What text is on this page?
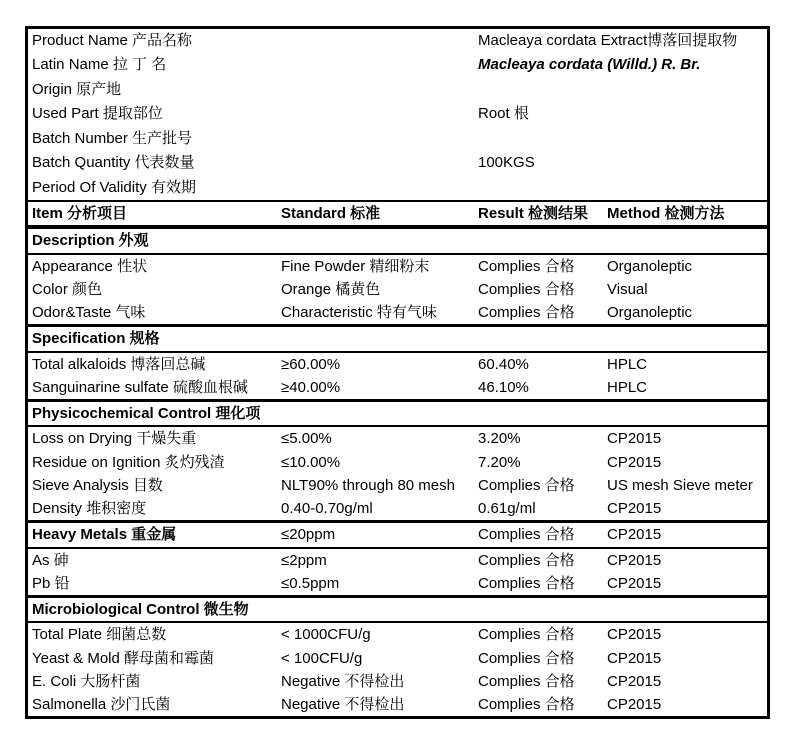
Product Name 产品名称	Macleaya cordata Extract博落回提取物
Latin Name 拉 丁 名	Macleaya cordata (Willd.) R. Br.
Origin 原产地
Used Part 提取部位	Root 根
Batch Number 生产批号
Batch Quantity 代表数量	100KGS
Period Of Validity 有效期
Item 分析项目	Standard 标准	Result 检测结果	Method 检测方法
Description 外观
Appearance 性状	Fine Powder 精细粉末	Complies 合格	Organoleptic
Color 颜色	Orange 橘黄色	Complies 合格	Visual
Odor&Taste 气味	Characteristic 特有气味	Complies 合格	Organoleptic
Specification 规格
Total alkaloids 博落回总碱	≥60.00%	60.40%	HPLC
Sanguinarine sulfate 硫酸血根碱	≥40.00%	46.10%	HPLC
Physicochemical Control 理化项
Loss on Drying 干燥失重	≤5.00%	3.20%	CP2015
Residue on Ignition 炙灼残渣	≤10.00%	7.20%	CP2015
Sieve Analysis 目数	NLT90% through 80 mesh	Complies 合格	US mesh Sieve meter
Density 堆积密度	0.40-0.70g/ml	0.61g/ml	CP2015
Heavy Metals 重金属	≤20ppm	Complies 合格	CP2015
As 砷	≤2ppm	Complies 合格	CP2015
Pb 铅	≤0.5ppm	Complies 合格	CP2015
Microbiological Control 微生物
Total Plate 细菌总数	< 1000CFU/g	Complies 合格	CP2015
Yeast & Mold 酵母菌和霉菌	< 100CFU/g	Complies 合格	CP2015
E. Coli 大肠杆菌	Negative 不得检出	Complies 合格	CP2015
Salmonella 沙门氏菌	Negative 不得检出	Complies 合格	CP2015
